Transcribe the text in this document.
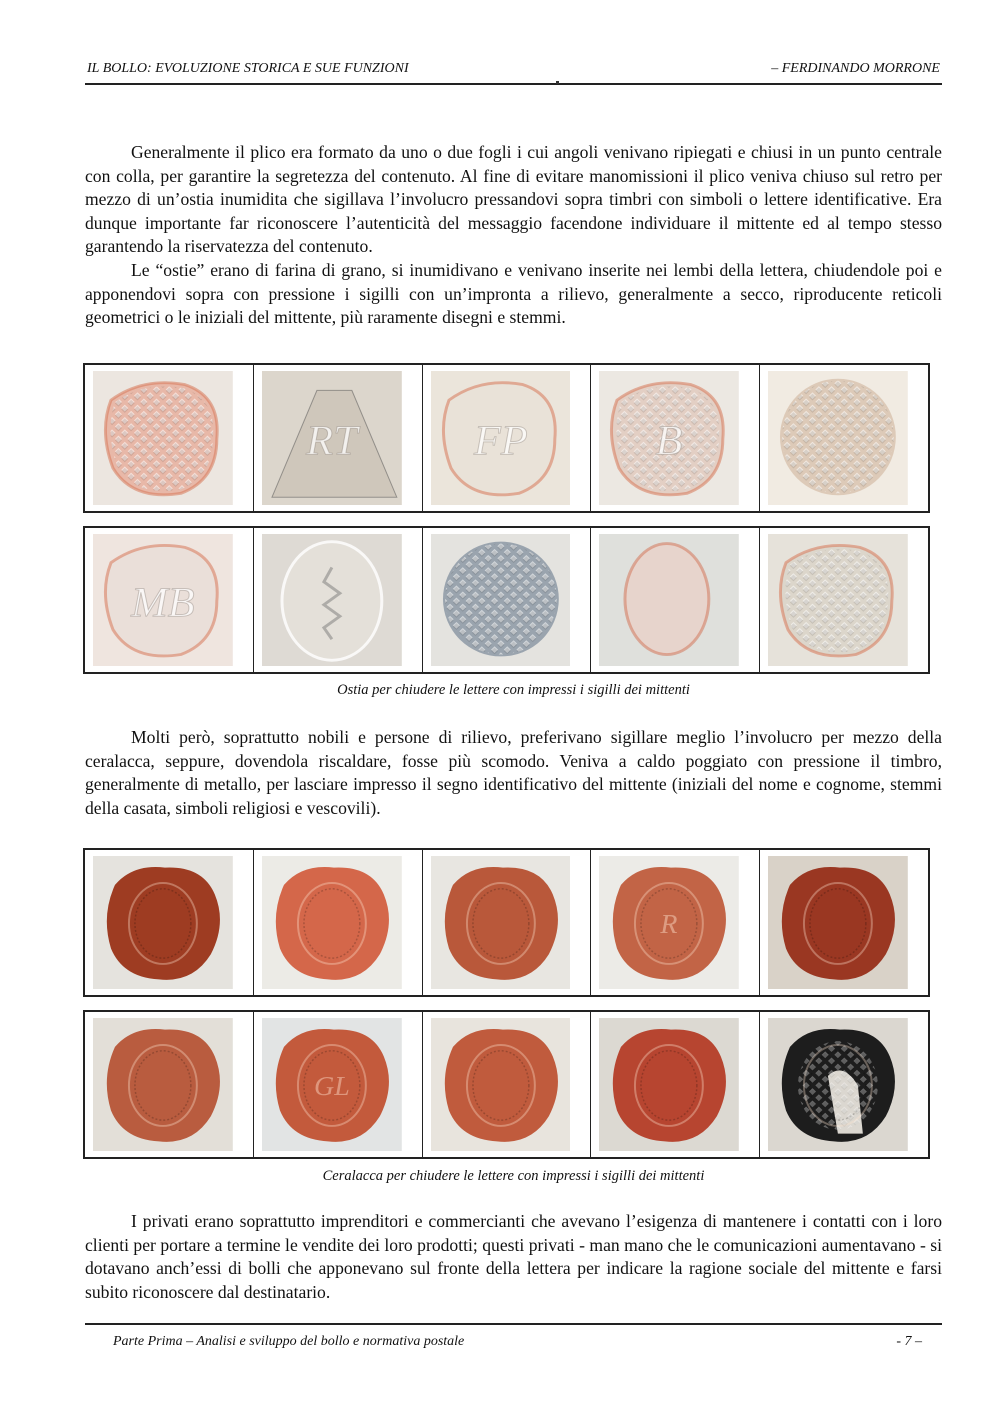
IL BOLLO: EVOLUZIONE STORICA E SUE FUNZIONI	– FERDINANDO MORRONE

Generalmente il plico era formato da uno o due fogli i cui angoli venivano ripiegati e chiusi in un punto centrale con colla, per garantire la segretezza del contenuto. Al fine di evitare manomissioni il plico veniva chiuso sul retro per mezzo di un’ostia inumidita che sigillava l’involucro pressandovi sopra timbri con simboli o lettere identificative. Era dunque importante far riconoscere l’autenticità del messaggio facendone individuare il mittente ed al tempo stesso garantendo la riservatezza del contenuto.

Le “ostie” erano di farina di grano, si inumidivano e venivano inserite nei lembi della lettera, chiudendole poi e apponendovi sopra con pressione i sigilli con un’impronta a rilievo, generalmente a secco, riproducente reticoli geometrici o le iniziali del mittente, più raramente disegni e stemmi.

RT	FP	B
MB
Ostia per chiudere le lettere con impressi i sigilli dei mittenti

Molti però, soprattutto nobili e persone di rilievo, preferivano sigillare meglio l’involucro per mezzo della ceralacca, seppure, dovendola riscaldare, fosse più scomodo. Veniva a caldo poggiato con pressione il timbro, generalmente di metallo, per lasciare impresso il segno identificativo del mittente (iniziali del nome e cognome, stemmi della casata, simboli religiosi e vescovili).

R
GL
Ceralacca per chiudere le lettere con impressi i sigilli dei mittenti

I privati erano soprattutto imprenditori e commercianti che avevano l’esigenza di mantenere i contatti con i loro clienti per portare a termine le vendite dei loro prodotti; questi privati - man mano che le comunicazioni aumentavano - si dotavano anch’essi di bolli che apponevano sul fronte della lettera per indicare la ragione sociale del mittente e farsi subito riconoscere dal destinatario.

Parte Prima – Analisi e sviluppo del bollo e normativa postale	- 7 –
